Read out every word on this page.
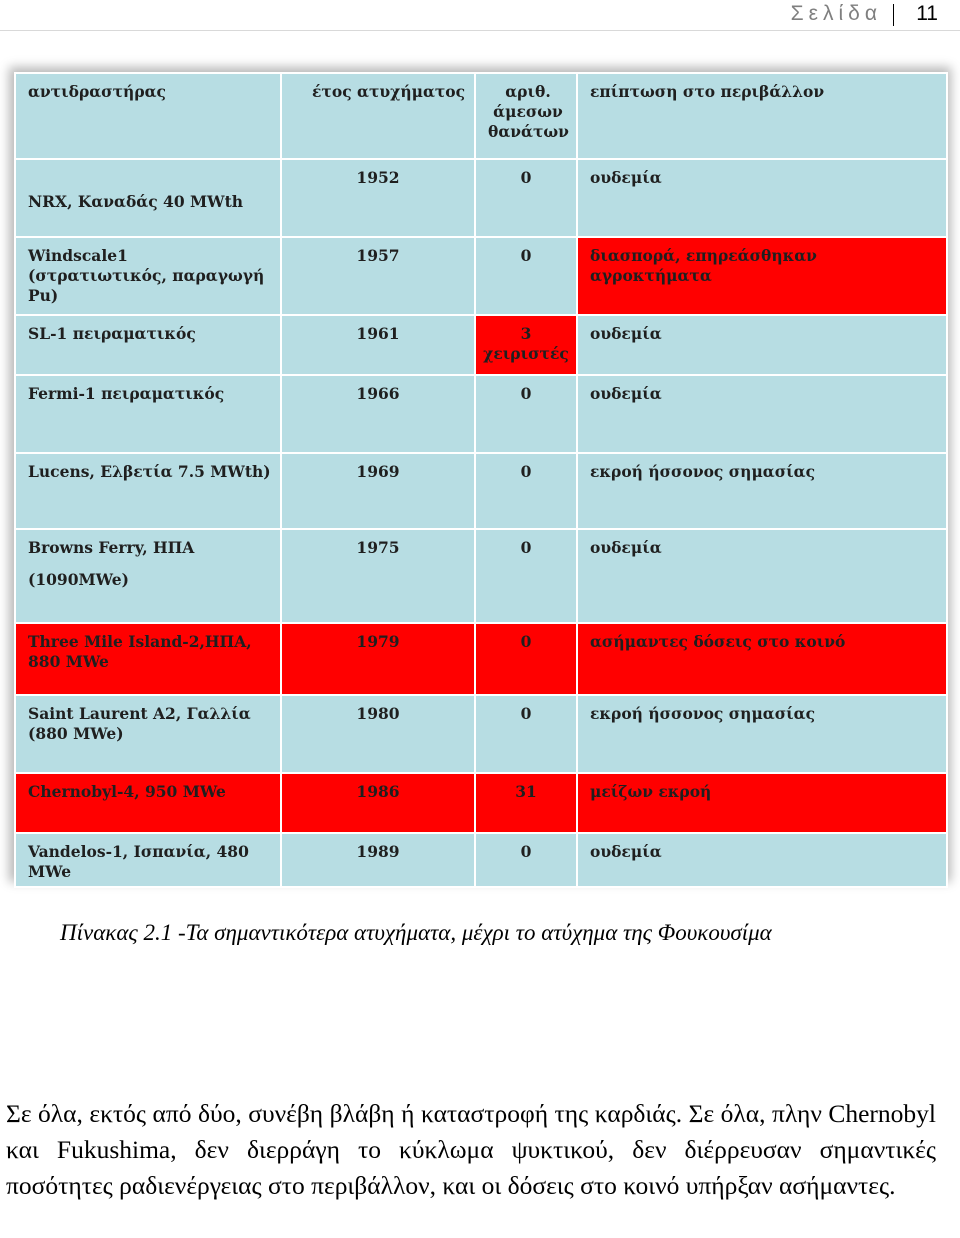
Σελίδα 11
αντιδραστήρας	έτος ατυχήματος	αριθ. άμεσων θανάτων	επίπτωση στο περιβάλλον
NRX, Καναδάς 40 MWth	1952	0	ουδεμία
Windscale1 (στρατιωτικός, παραγωγή Pu)	1957	0	διασπορά, επηρεάσθηκαν αγροκτήματα
SL-1 πειραματικός	1961	3 χειριστές	ουδεμία
Fermi-1 πειραματικός	1966	0	ουδεμία
Lucens, Ελβετία 7.5 MWth)	1969	0	εκροή ήσσονος σημασίας
Browns Ferry, ΗΠΑ
(1090MWe)	1975	0	ουδεμία
Three Mile Island-2,ΗΠΑ, 880 MWe	1979	0	ασήμαντες δόσεις στο κοινό
Saint Laurent A2, Γαλλία (880 MWe)	1980	0	εκροή ήσσονος σημασίας
Chernobyl-4, 950 MWe	1986	31	μείζων εκροή
Vandelos-1, Ισπανία, 480 MWe	1989	0	ουδεμία
Πίνακας 2.1 -Τα σημαντικότερα ατυχήματα, μέχρι το ατύχημα της Φουκουσίμα

Σε όλα, εκτός από δύο, συνέβη βλάβη ή καταστροφή της καρδιάς. Σε όλα, πλην Chernobyl και Fukushima, δεν διερράγη το κύκλωμα ψυκτικού, δεν διέρρευσαν σημαντικές ποσότητες ραδιενέργειας στο περιβάλλον, και οι δόσεις στο κοινό υπήρξαν ασήμαντες.
